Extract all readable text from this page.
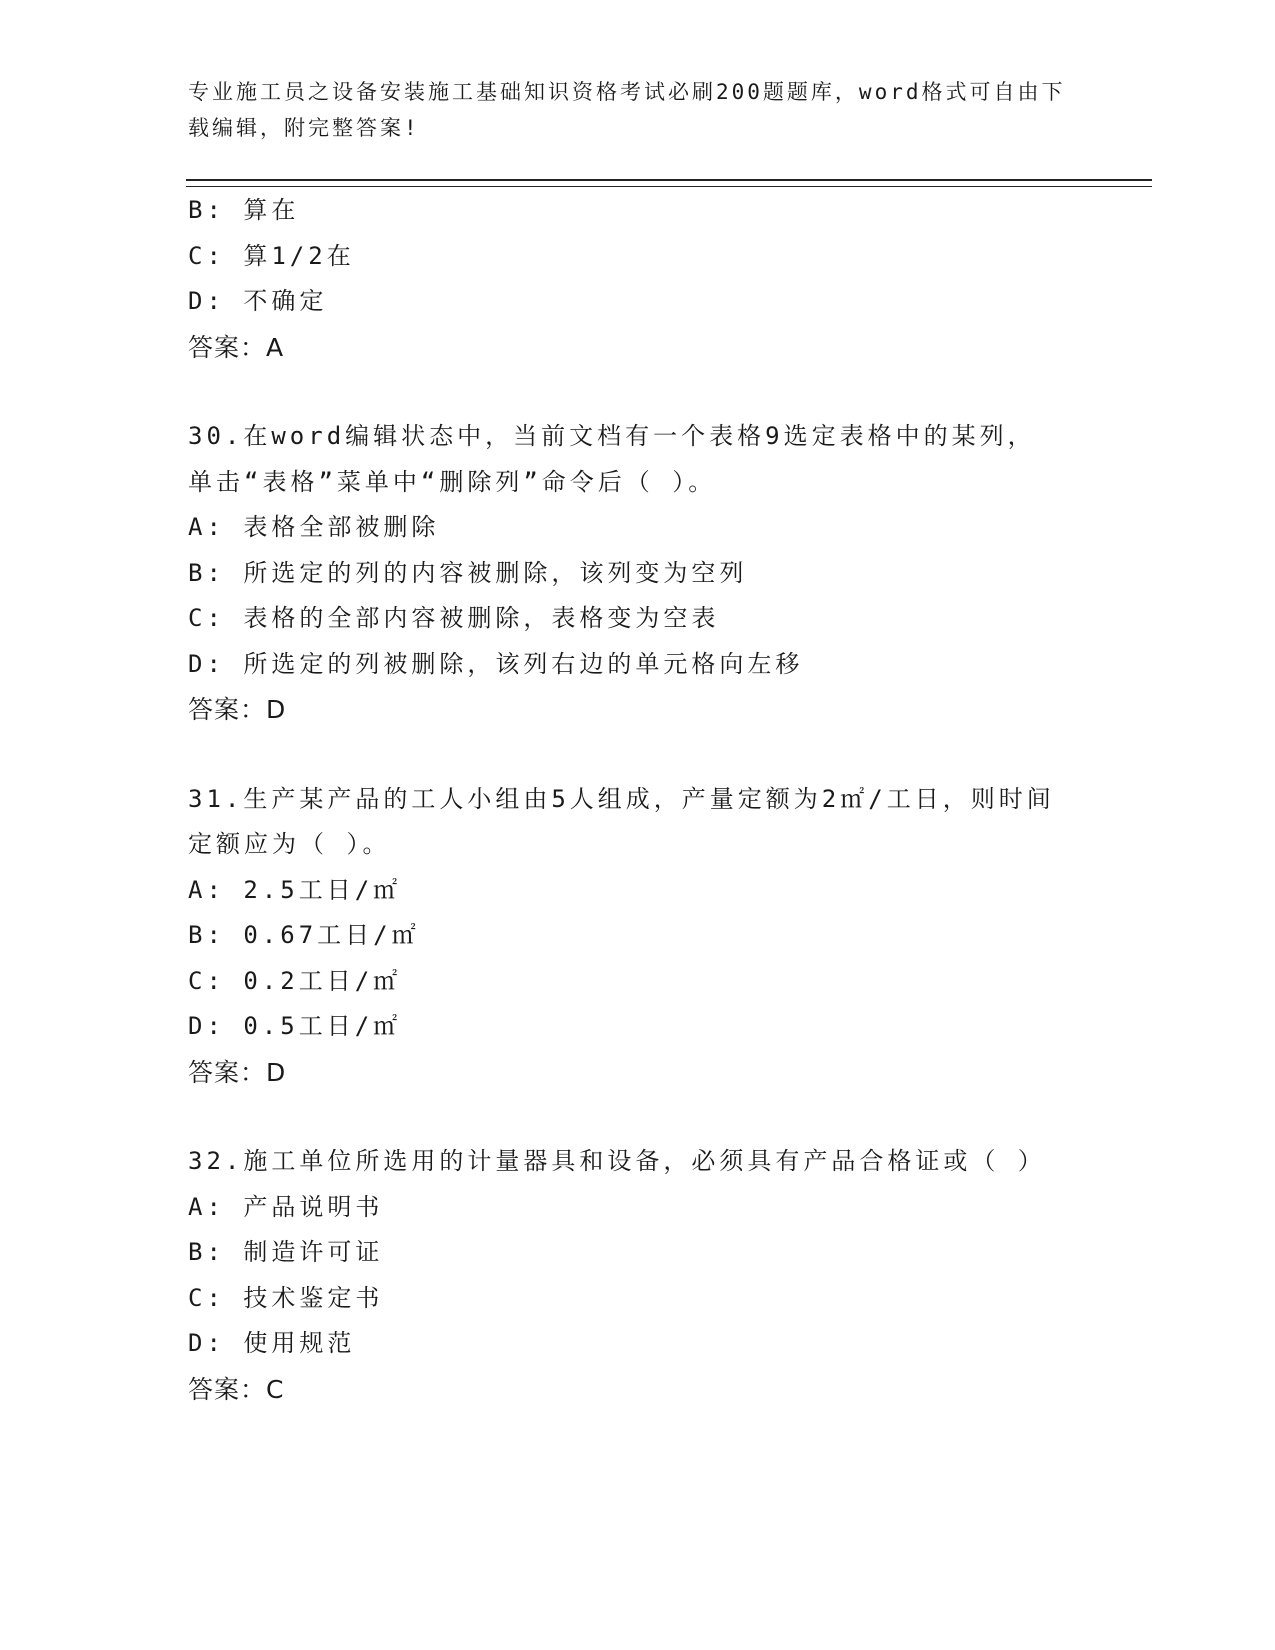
专业施工员之设备安装施工基础知识资格考试必刷200题题库，word格式可自由下载编辑，附完整答案!
B: 算在
C: 算1/2在
D: 不确定
答案：A
30.在word编辑状态中，当前文档有一个表格9选定表格中的某列，
单击“表格”菜单中“删除列”命令后（ ）。
A: 表格全部被删除
B: 所选定的列的内容被删除，该列变为空列
C: 表格的全部内容被删除，表格变为空表
D: 所选定的列被删除，该列右边的单元格向左移
答案：D
31.生产某产品的工人小组由5人组成，产量定额为2㎡/工日，则时间
定额应为（ ）。
A: 2.5工日/㎡
B: 0.67工日/㎡
C: 0.2工日/㎡
D: 0.5工日/㎡
答案：D
32.施工单位所选用的计量器具和设备，必须具有产品合格证或（ ）
A: 产品说明书
B: 制造许可证
C: 技术鉴定书
D: 使用规范
答案：C
